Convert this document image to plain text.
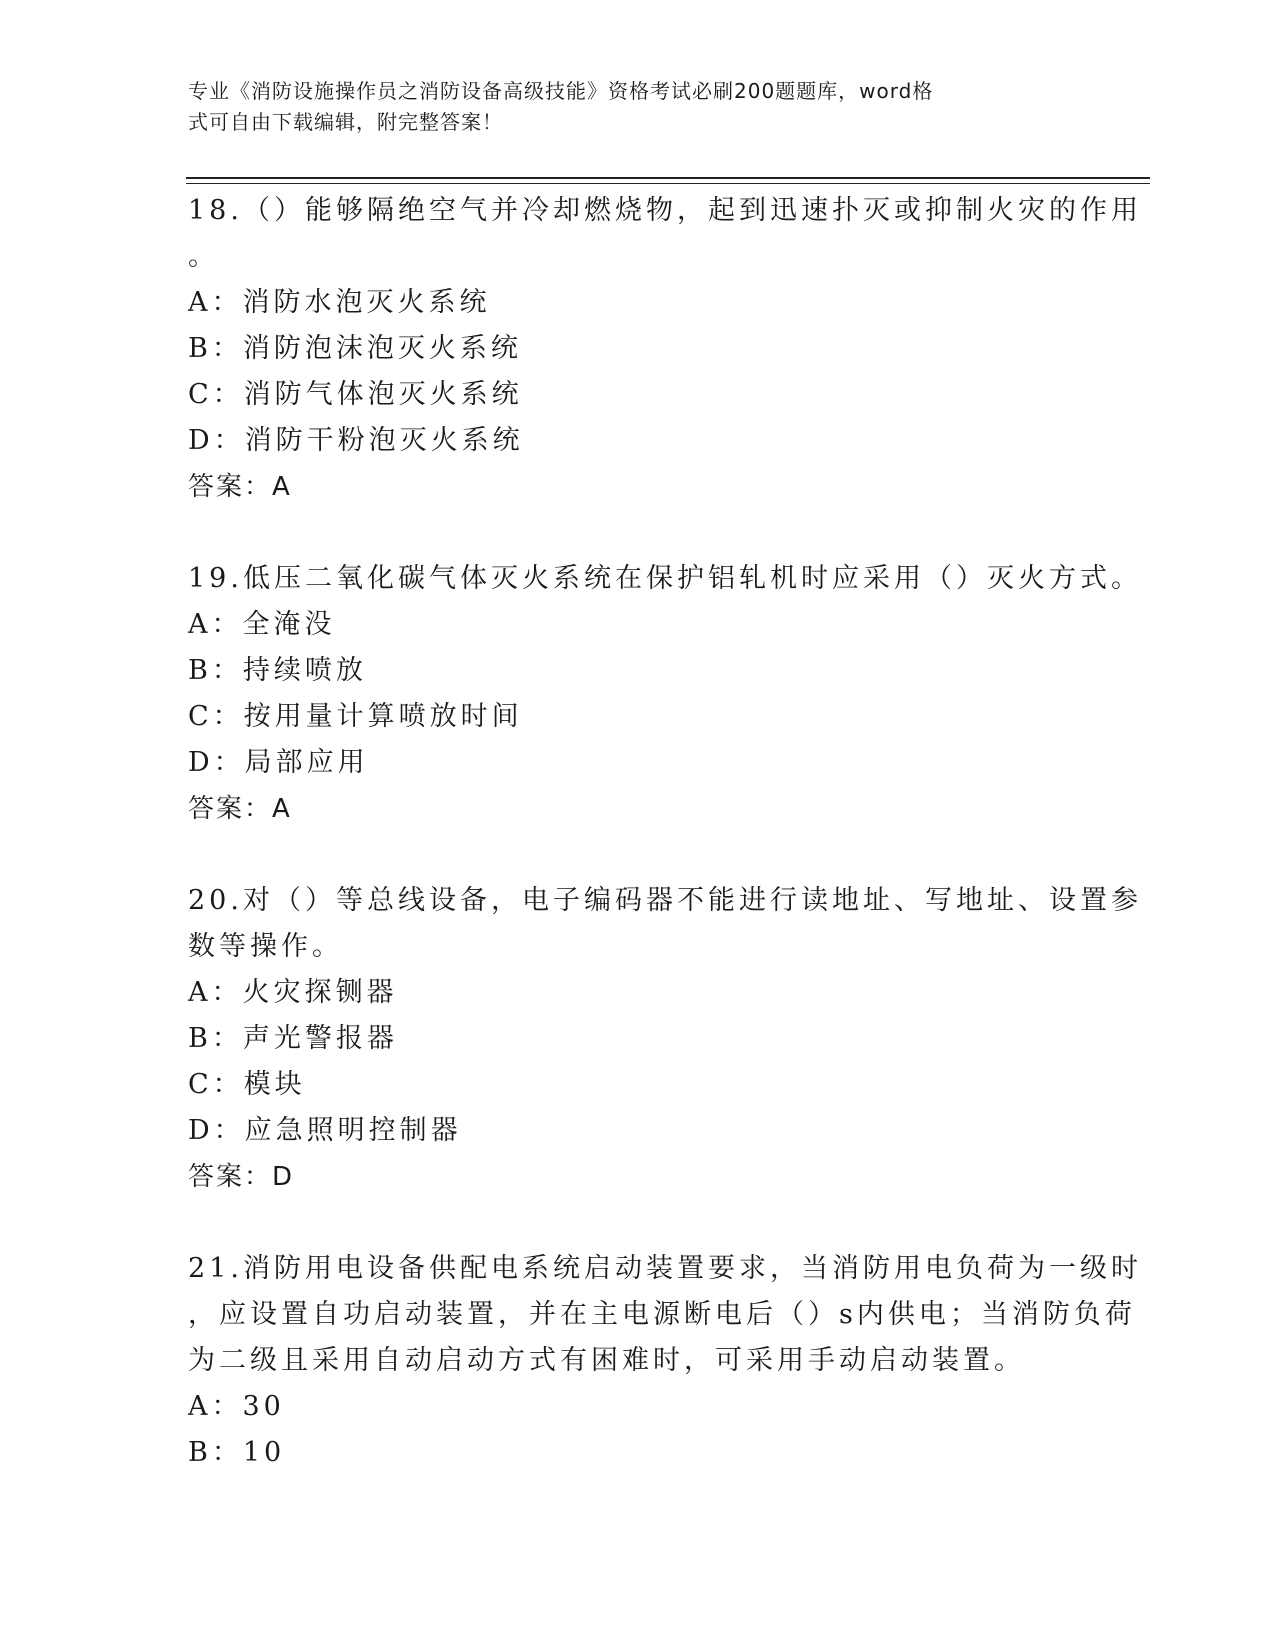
专业《消防设施操作员之消防设备高级技能》资格考试必刷200题题库，word格
式可自由下载编辑，附完整答案！
18.（）能够隔绝空气并冷却燃烧物，起到迅速扑灭或抑制火灾的作用
。
A：消防水泡灭火系统
B：消防泡沫泡灭火系统
C：消防气体泡灭火系统
D：消防干粉泡灭火系统
答案：A
19.低压二氧化碳气体灭火系统在保护铝轧机时应采用（）灭火方式。
A：全淹没
B：持续喷放
C：按用量计算喷放时间
D：局部应用
答案：A
20.对（）等总线设备，电子编码器不能进行读地址、写地址、设置参
数等操作。
A：火灾探铡器
B：声光警报器
C：模块
D：应急照明控制器
答案：D
21.消防用电设备供配电系统启动装置要求，当消防用电负荷为一级时
，应设置自功启动装置，并在主电源断电后（）s内供电；当消防负荷
为二级且采用自动启动方式有困难时，可采用手动启动装置。
A：30
B：10
